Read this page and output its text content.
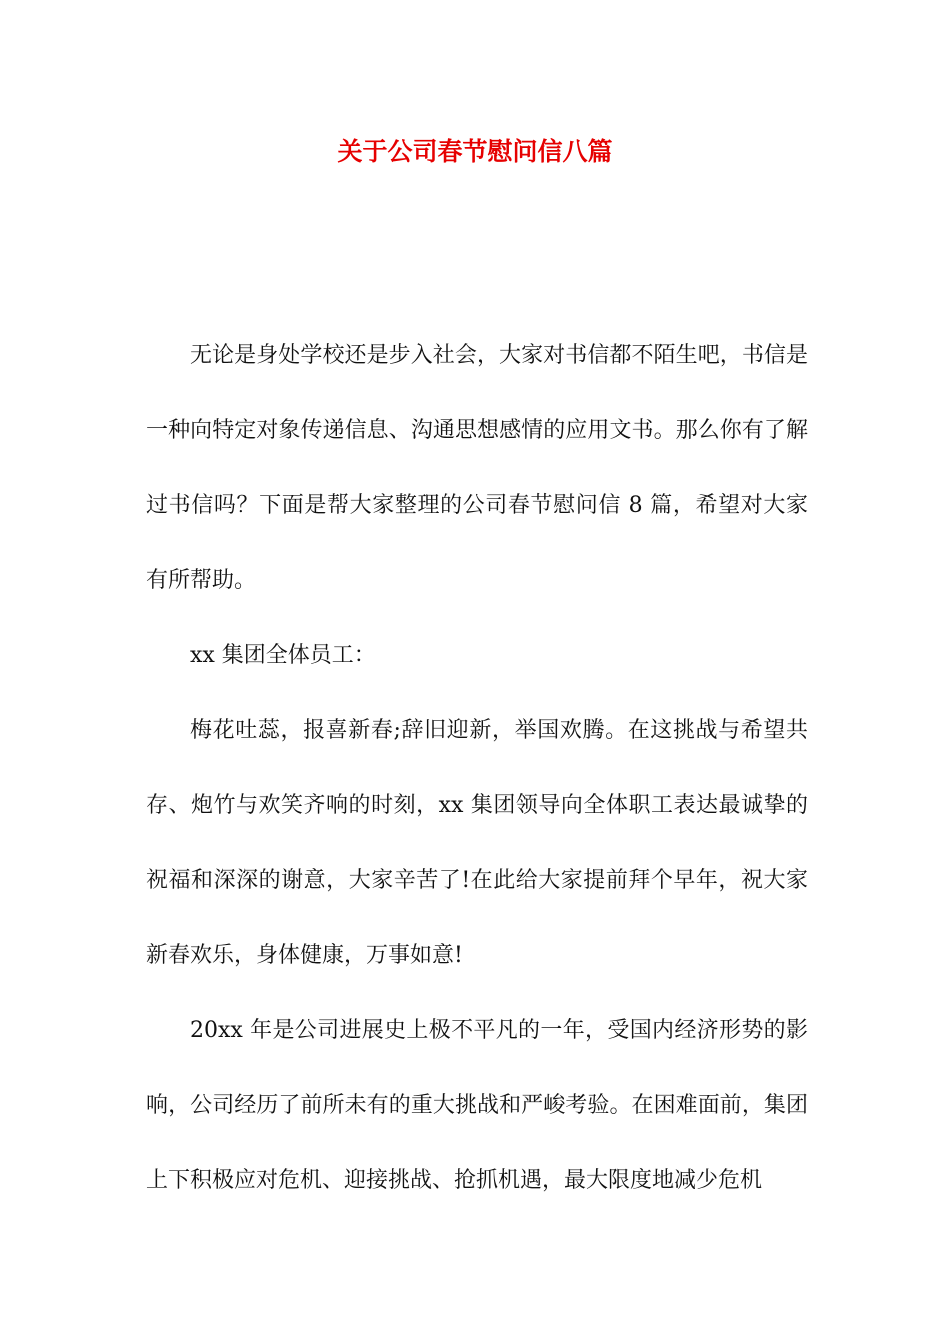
关于公司春节慰问信八篇

无论是身处学校还是步入社会，大家对书信都不陌生吧，书信是一种向特定对象传递信息、沟通思想感情的应用文书。那么你有了解过书信吗？下面是帮大家整理的公司春节慰问信 8 篇，希望对大家有所帮助。

xx 集团全体员工：

梅花吐蕊，报喜新春;辞旧迎新，举国欢腾。在这挑战与希望共存、炮竹与欢笑齐响的时刻，xx 集团领导向全体职工表达最诚挚的祝福和深深的谢意，大家辛苦了!在此给大家提前拜个早年，祝大家新春欢乐，身体健康，万事如意!

20xx 年是公司进展史上极不平凡的一年，受国内经济形势的影响，公司经历了前所未有的重大挑战和严峻考验。在困难面前，集团上下积极应对危机、迎接挑战、抢抓机遇，最大限度地减少危机
